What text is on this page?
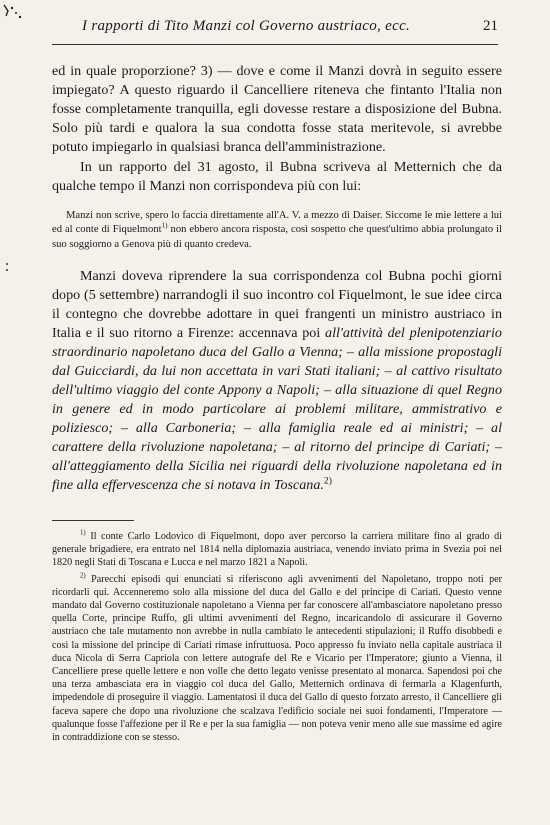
I rapporti di Tito Manzi col Governo austriaco, ecc.	21

ed in quale proporzione? 3) — dove e come il Manzi dovrà in seguito essere impiegato? A questo riguardo il Cancelliere riteneva che fintanto l'Italia non fosse completamente tranquilla, egli dovesse restare a disposizione del Bubna. Solo più tardi e qualora la sua condotta fosse stata meritevole, si avrebbe potuto impiegarlo in qualsiasi branca dell'amministrazione.

In un rapporto del 31 agosto, il Bubna scriveva al Metternich che da qualche tempo il Manzi non corrispondeva più con lui:

Manzi non scrive, spero lo faccia direttamente all'A. V. a mezzo di Daiser. Siccome le mie lettere a lui ed al conte di Fiquelmont$^{1)}$ non ebbero ancora risposta, così sospetto che quest'ultimo abbia prolungato il suo soggiorno a Genova più di quanto credeva.

Manzi doveva riprendere la sua corrispondenza col Bubna pochi giorni dopo (5 settembre) narrandogli il suo incontro col Fiquelmont, le sue idee circa il contegno che dovrebbe adottare in quei frangenti un ministro austriaco in Italia e il suo ritorno a Firenze: accennava poi all'attività del plenipotenziario straordinario napoletano duca del Gallo a Vienna; – alla missione propostagli dal Guicciardi, da lui non accettata in vari Stati italiani; – al cattivo risultato dell'ultimo viaggio del conte Appony a Napoli; – alla situazione di quel Regno in genere ed in modo particolare ai problemi militare, ammistrativo e poliziesco; – alla Carboneria; – alla famiglia reale ed ai ministri; – al carattere della rivoluzione napoletana; – al ritorno del principe di Cariati; – all'atteggiamento della Sicilia nei riguardi della rivoluzione napoletana ed in fine alla effervescenza che si notava in Toscana.$^{2)}$

$^{1)}$ Il conte Carlo Lodovico di Fiquelmont, dopo aver percorso la carriera militare fino al grado di generale brigadiere, era entrato nel 1814 nella diplomazia austriaca, venendo inviato prima in Svezia poi nel 1820 negli Stati di Toscana e Lucca e nel marzo 1821 a Napoli.

$^{2)}$ Parecchi episodi qui enunciati si riferiscono agli avvenimenti del Napoletano, troppo noti per ricordarli qui. Accenneremo solo alla missione del duca del Gallo e del principe di Cariati. Questo venne mandato dal Governo costituzionale napoletano a Vienna per far conoscere all'ambasciatore napoletano presso quella Corte, principe Ruffo, gli ultimi avvenimenti del Regno, incaricandolo di assicurare il Governo austriaco che tale mutamento non avrebbe in nulla cambiato le antecedenti stipulazioni; il Ruffo disobbedì e così la missione del principe di Cariati rimase infruttuosa. Poco appresso fu inviato nella capitale austriaca il duca Nicola di Serra Capriola con lettere autografe del Re e Vicario per l'Imperatore; giunto a Vienna, il Cancelliere prese quelle lettere e non volle che detto legato venisse presentato al monarca. Sapendosi poi che una terza ambasciata era in viaggio col duca del Gallo, Metternich ordinava di fermarla a Klagenfurth, impedendole di proseguire il viaggio. Lamentatosi il duca del Gallo di questo forzato arresto, il Cancelliere gli faceva sapere che dopo una rivoluzione che scalzava l'edificio sociale nei suoi fondamenti, l'Imperatore — qualunque fosse l'affezione per il Re e per la sua famiglia — non poteva venir meno alle sue massime ed agire in contraddizione con se stesso.
